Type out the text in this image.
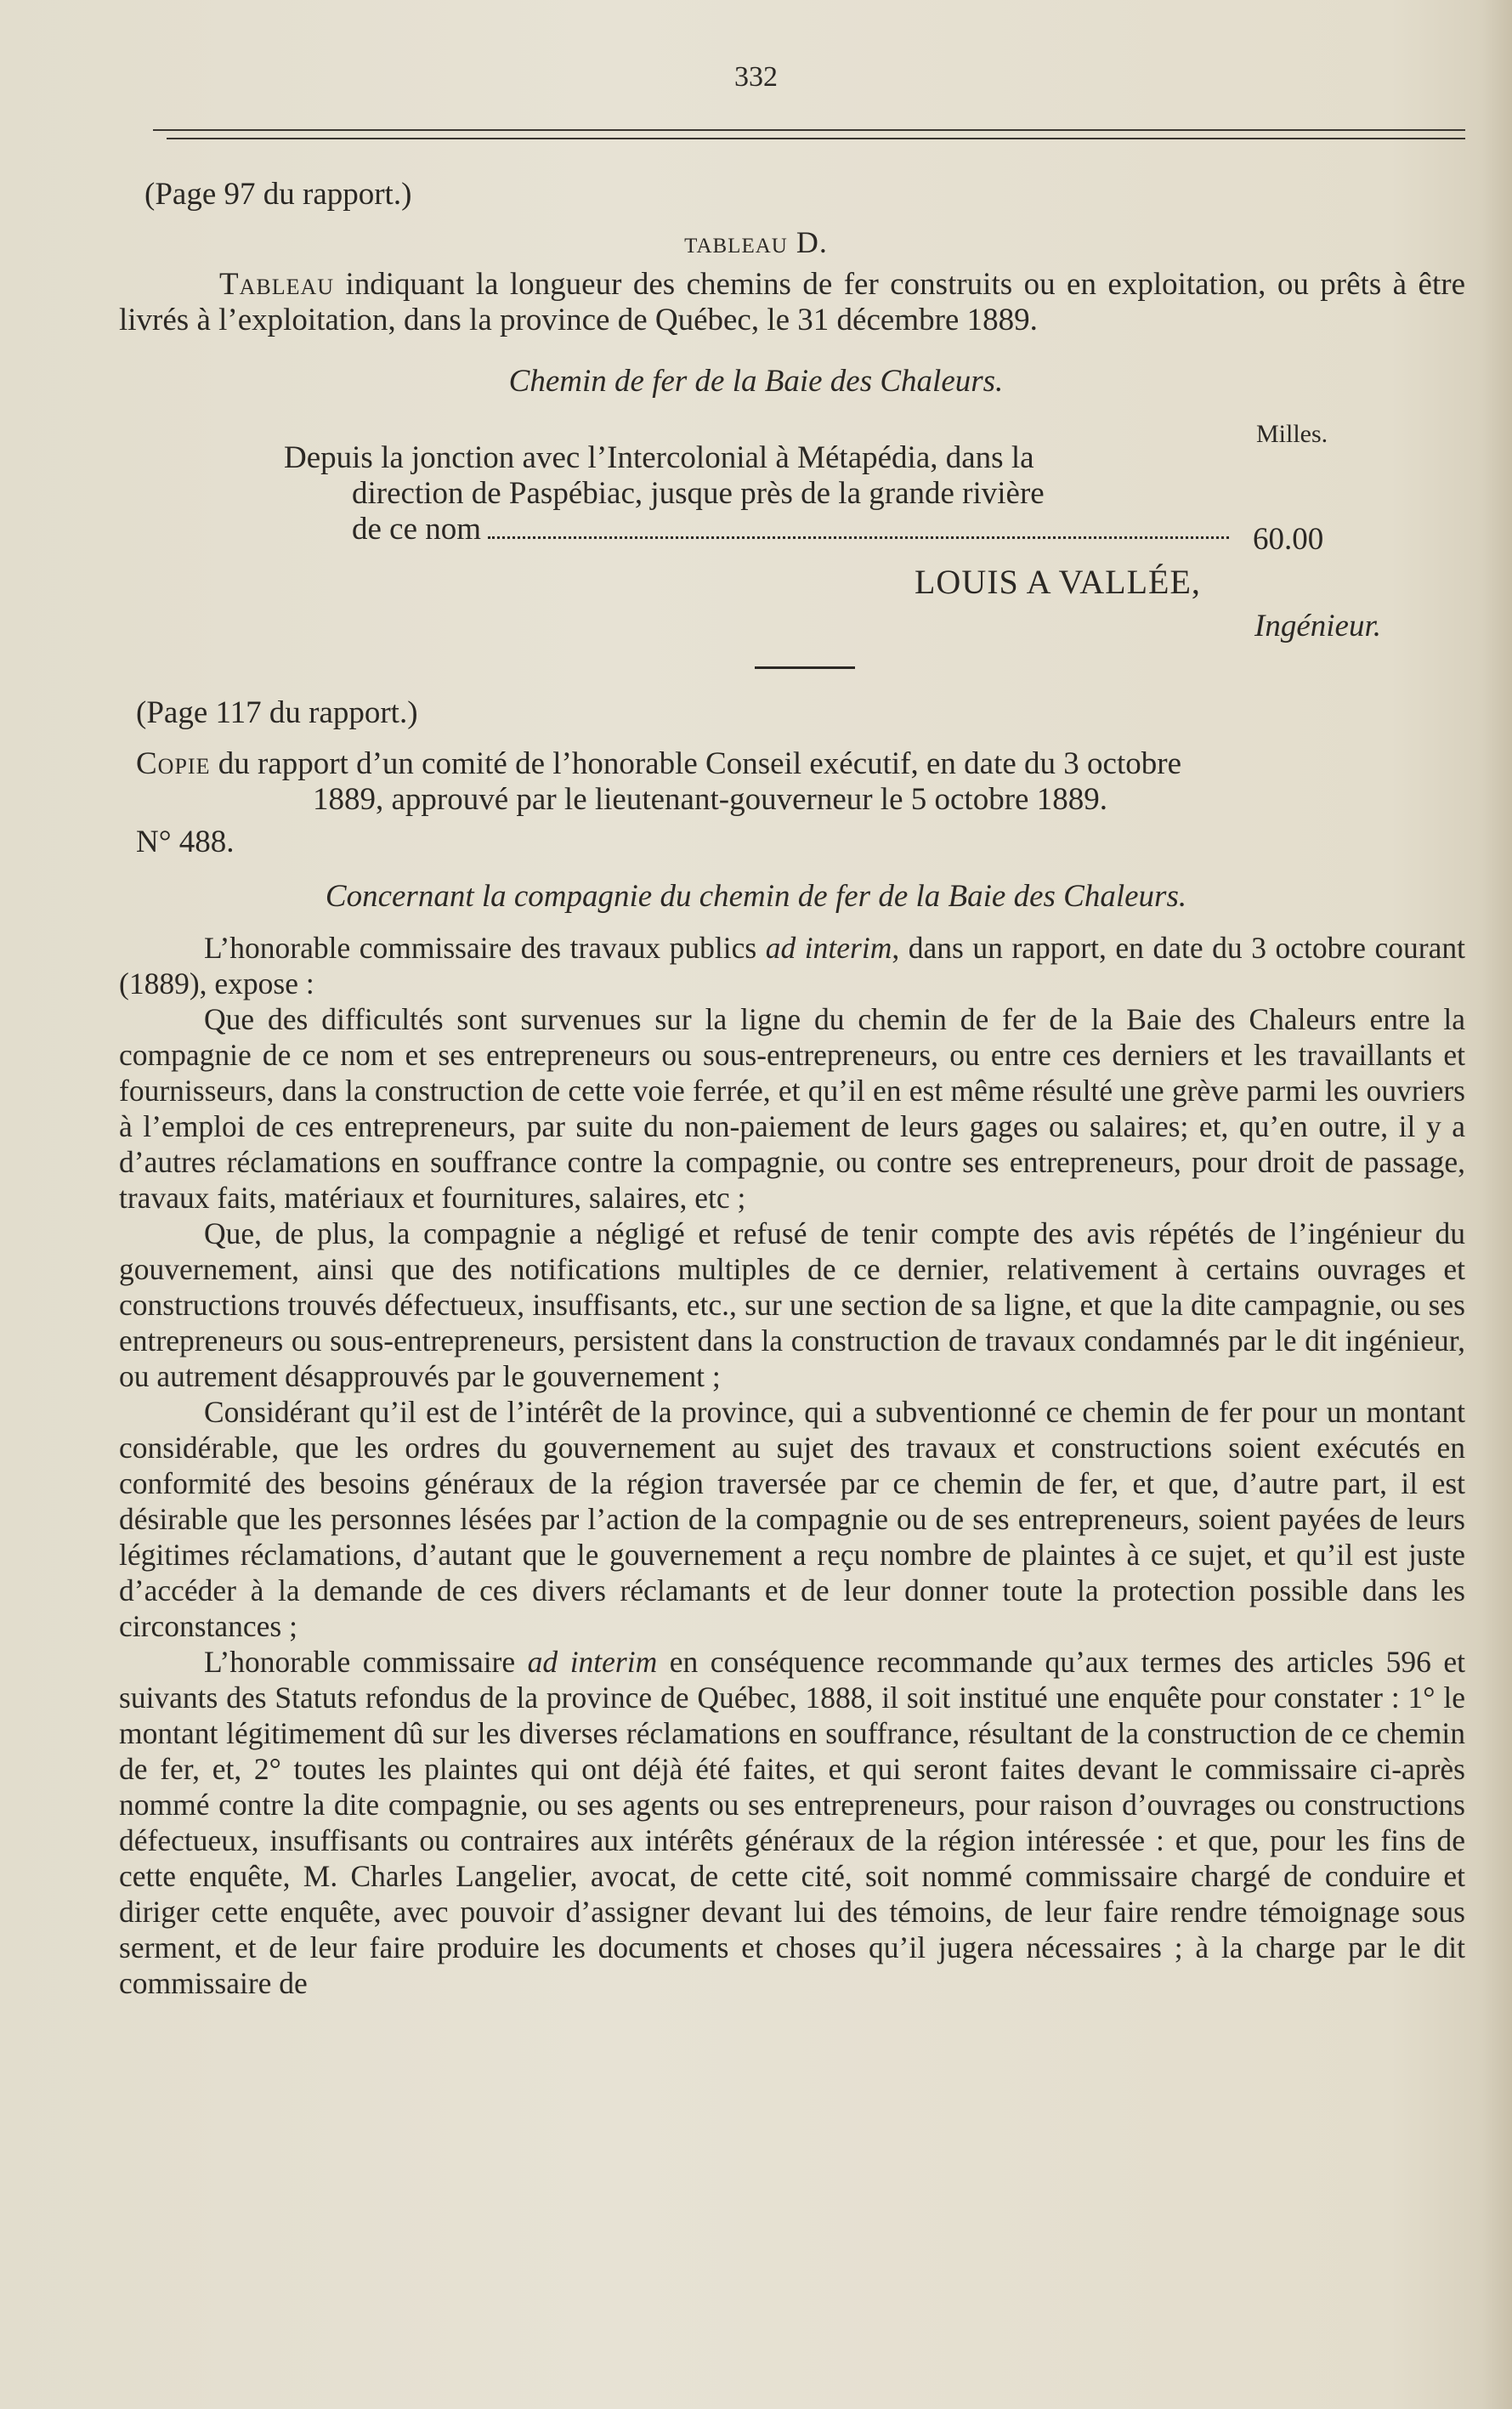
332
(Page 97 du rapport.)
tableau D.
Tableau indiquant la longueur des chemins de fer construits ou en exploitation, ou prêts à être livrés à l’exploitation, dans la province de Québec, le 31 décembre 1889.
Chemin de fer de la Baie des Chaleurs.
Milles.
Depuis la jonction avec l’Intercolonial à Métapédia, dans la
direction de Paspébiac, jusque près de la grande rivière
de ce nom	60.00
LOUIS A VALLÉE,
Ingénieur.
(Page 117 du rapport.)
Copie du rapport d’un comité de l’honorable Conseil exécutif, en date du 3 octobre
1889, approuvé par le lieutenant-gouverneur le 5 octobre 1889.
N° 488.
Concernant la compagnie du chemin de fer de la Baie des Chaleurs.

L’honorable commissaire des travaux publics ad interim, dans un rapport, en date du 3 octobre courant (1889), expose :

Que des difficultés sont survenues sur la ligne du chemin de fer de la Baie des Chaleurs entre la compagnie de ce nom et ses entrepreneurs ou sous-entrepreneurs, ou entre ces derniers et les travaillants et fournisseurs, dans la construction de cette voie ferrée, et qu’il en est même résulté une grève parmi les ouvriers à l’emploi de ces entrepreneurs, par suite du non-paiement de leurs gages ou salaires; et, qu’en outre, il y a d’autres réclamations en souffrance contre la compagnie, ou contre ses entrepreneurs, pour droit de passage, travaux faits, matériaux et fournitures, salaires, etc ;

Que, de plus, la compagnie a négligé et refusé de tenir compte des avis répétés de l’ingénieur du gouvernement, ainsi que des notifications multiples de ce dernier, relativement à certains ouvrages et constructions trouvés défectueux, insuffisants, etc., sur une section de sa ligne, et que la dite campagnie, ou ses entrepreneurs ou sous-entrepreneurs, persistent dans la construction de travaux condamnés par le dit ingénieur, ou autrement désapprouvés par le gouvernement ;

Considérant qu’il est de l’intérêt de la province, qui a subventionné ce chemin de fer pour un montant considérable, que les ordres du gouvernement au sujet des travaux et constructions soient exécutés en conformité des besoins généraux de la région traversée par ce chemin de fer, et que, d’autre part, il est désirable que les personnes lésées par l’action de la compagnie ou de ses entrepreneurs, soient payées de leurs légitimes réclamations, d’autant que le gouvernement a reçu nombre de plaintes à ce sujet, et qu’il est juste d’accéder à la demande de ces divers réclamants et de leur donner toute la protection possible dans les circonstances ;

L’honorable commissaire ad interim en conséquence recommande qu’aux termes des articles 596 et suivants des Statuts refondus de la province de Québec, 1888, il soit institué une enquête pour constater : 1° le montant légitimement dû sur les diverses réclamations en souffrance, résultant de la construction de ce chemin de fer, et, 2° toutes les plaintes qui ont déjà été faites, et qui seront faites devant le commissaire ci-après nommé contre la dite compagnie, ou ses agents ou ses entrepreneurs, pour raison d’ouvrages ou constructions défectueux, insuffisants ou contraires aux intérêts généraux de la région intéressée : et que, pour les fins de cette enquête, M. Charles Langelier, avocat, de cette cité, soit nommé commissaire chargé de conduire et diriger cette enquête, avec pouvoir d’assigner devant lui des témoins, de leur faire rendre témoignage sous serment, et de leur faire produire les documents et choses qu’il jugera nécessaires ; à la charge par le dit commissaire de
